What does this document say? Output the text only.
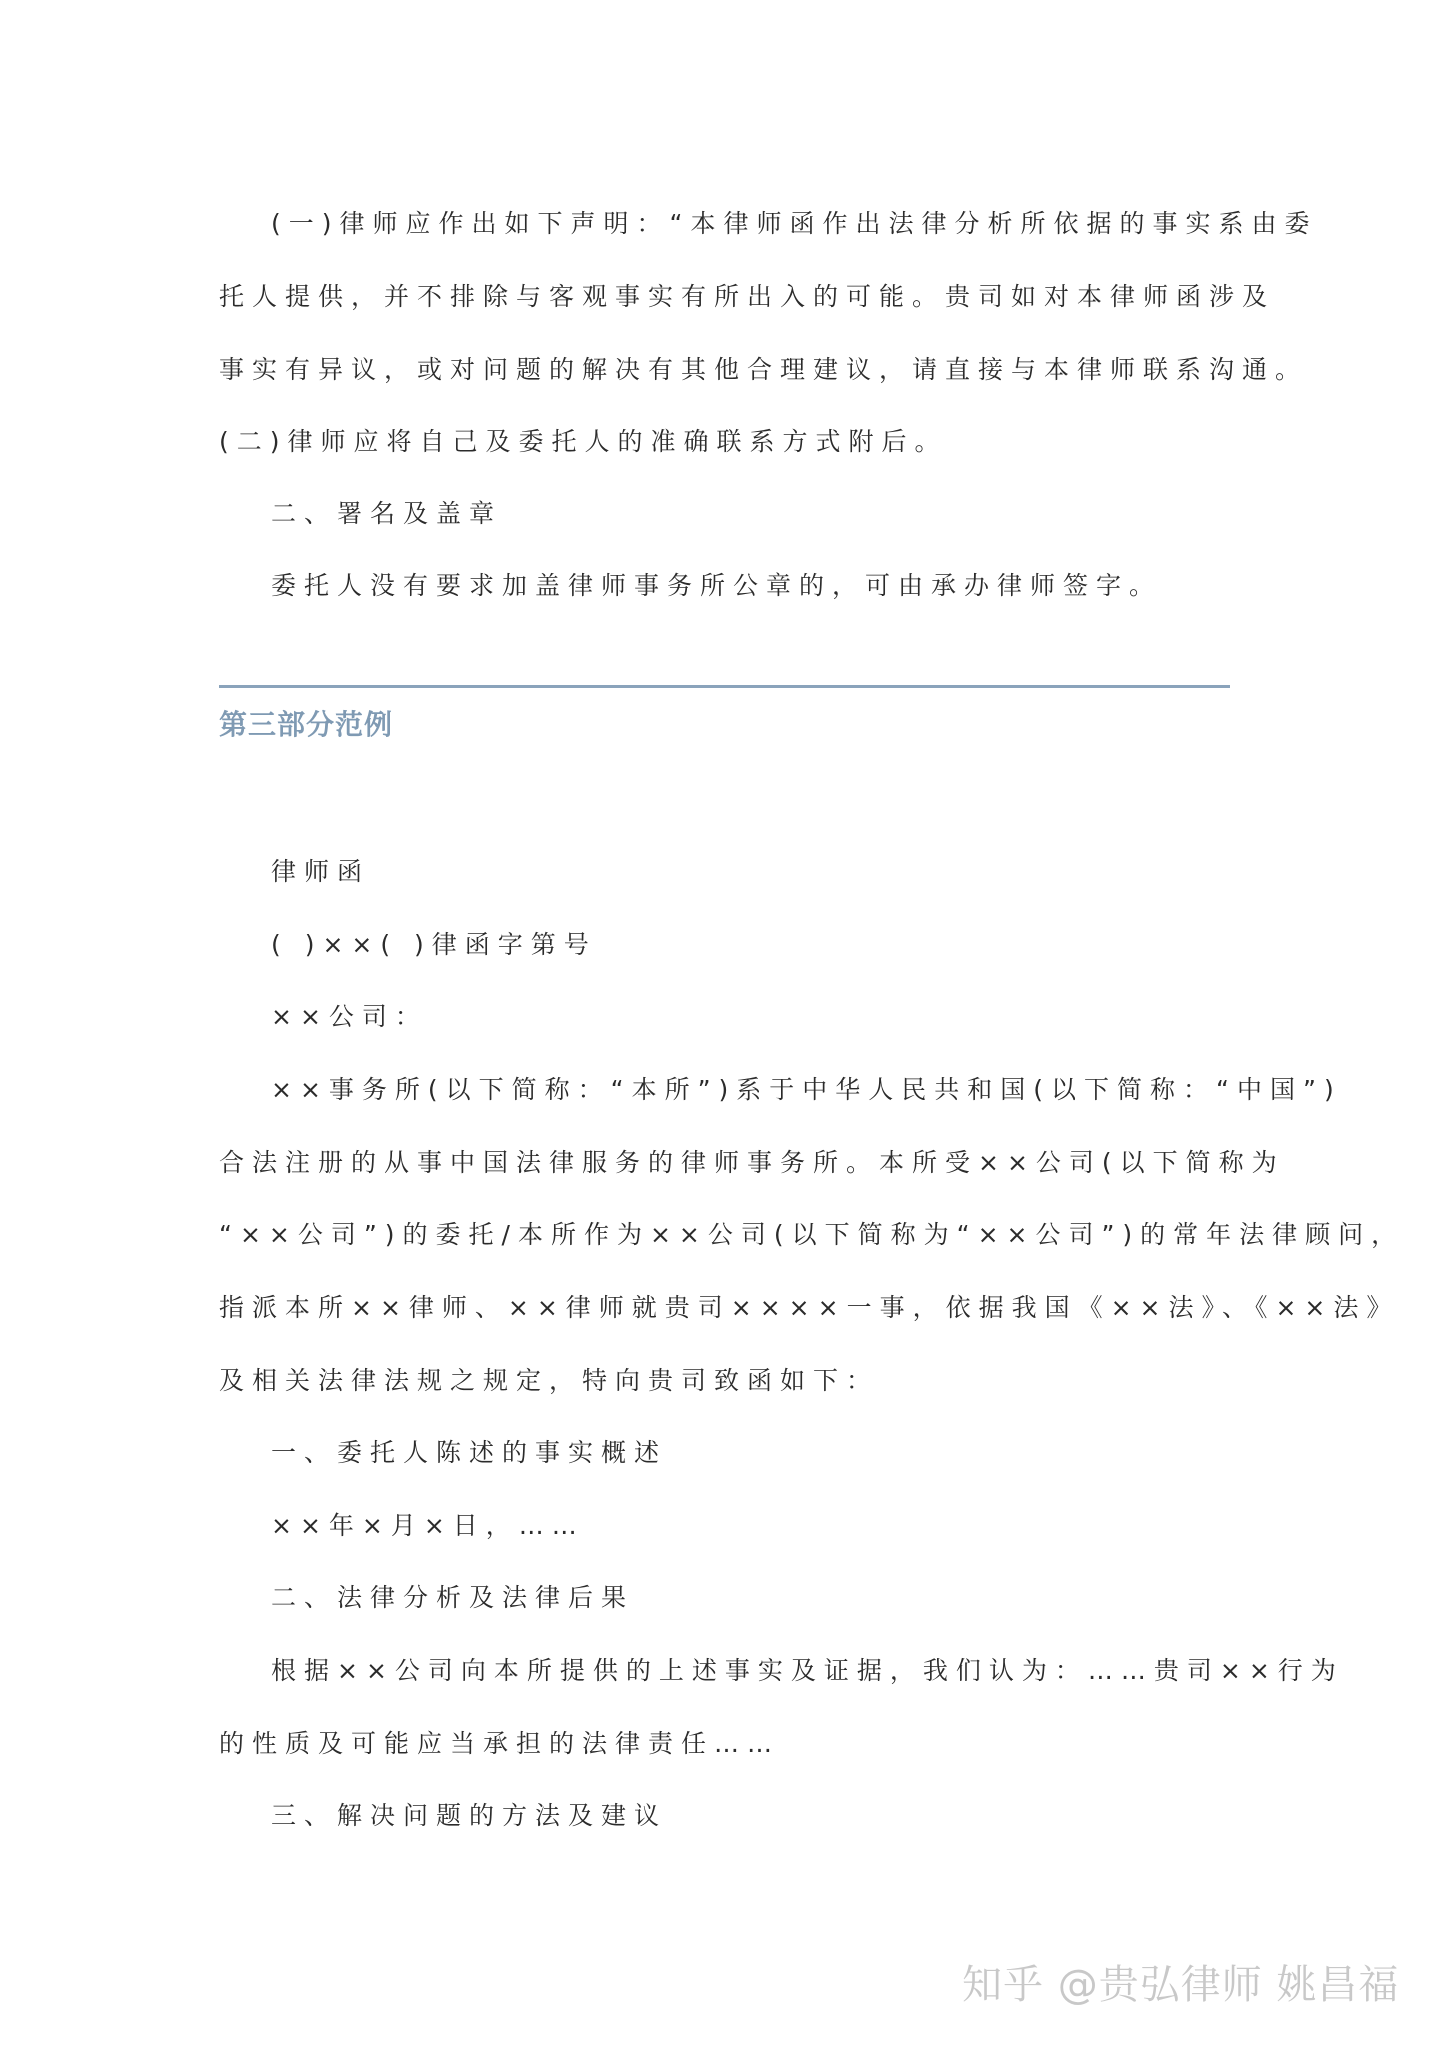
(一)律师应作出如下声明：“本律师函作出法律分析所依据的事实系由委
托人提供，并不排除与客观事实有所出入的可能。贵司如对本律师函涉及
事实有异议，或对问题的解决有其他合理建议，请直接与本律师联系沟通。
(二)律师应将自己及委托人的准确联系方式附后。
二、署名及盖章
委托人没有要求加盖律师事务所公章的，可由承办律师签字。
第三部分范例
律师函
( )××( )律函字第号
××公司：
××事务所(以下简称：“本所”)系于中华人民共和国(以下简称：“中国”)
合法注册的从事中国法律服务的律师事务所。本所受××公司(以下简称为
“××公司”)的委托/本所作为××公司(以下简称为“××公司”)的常年法律顾问，
指派本所××律师、××律师就贵司××××一事，依据我国《××法》、《××法》
及相关法律法规之规定，特向贵司致函如下：
一、委托人陈述的事实概述
××年×月×日，……
二、法律分析及法律后果
根据××公司向本所提供的上述事实及证据，我们认为：……贵司××行为
的性质及可能应当承担的法律责任……
三、解决问题的方法及建议
知乎 @贵弘律师 姚昌福
